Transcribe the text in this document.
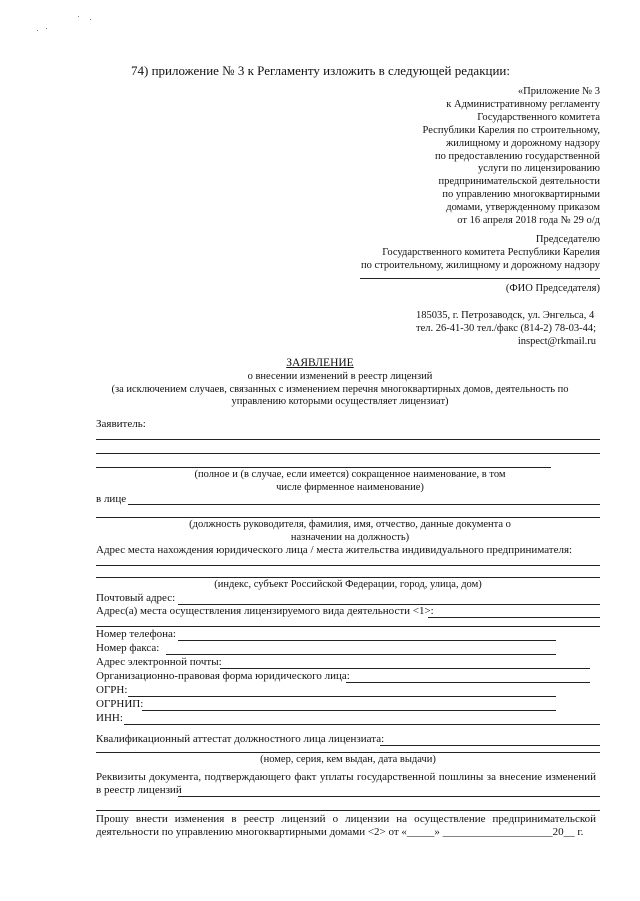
74) приложение № 3 к Регламенту изложить в следующей редакции:
«Приложение № 3
к Административному регламенту
Государственного комитета
Республики Карелия по строительному,
жилищному и дорожному надзору
по предоставлению государственной
услуги по лицензированию
предпринимательской деятельности
по управлению многоквартирными
домами, утвержденному приказом
от 16 апреля 2018 года № 29 о/д
Председателю
Государственного комитета Республики Карелия
по строительному, жилищному и дорожному надзору
(ФИО Председателя)
185035, г. Петрозаводск, ул. Энгельса, 4
тел. 26-41-30 тел./факс (814-2) 78-03-44;
inspect@rkmail.ru
ЗАЯВЛЕНИЕ
о внесении изменений в реестр лицензий
(за исключением случаев, связанных с изменением перечня многоквартирных домов, деятельность по
управлению которыми осуществляет лицензиат)
Заявитель:
(полное и (в случае, если имеется) сокращенное наименование, в том
числе фирменное наименование)
в лице
(должность руководителя, фамилия, имя, отчество, данные документа о
назначении на должность)
Адрес места нахождения юридического лица / места жительства индивидуального предпринимателя:
(индекс, субъект Российской Федерации, город, улица, дом)
Почтовый адрес:
Адрес(а) места осуществления лицензируемого вида деятельности <1>:
Номер телефона:
Номер факса:
Адрес электронной почты:
Организационно-правовая форма юридического лица:
ОГРН:
ОГРНИП:
ИНН:
Квалификационный аттестат должностного лица лицензиата:
(номер, серия, кем выдан, дата выдачи)
Реквизиты документа, подтверждающего факт уплаты государственной пошлины за внесение изменений в реестр лицензий
Прошу внести изменения в реестр лицензий о лицензии на осуществление предпринимательской деятельности по управлению многоквартирными домами <2> от «_____» ____________________20__ г.
